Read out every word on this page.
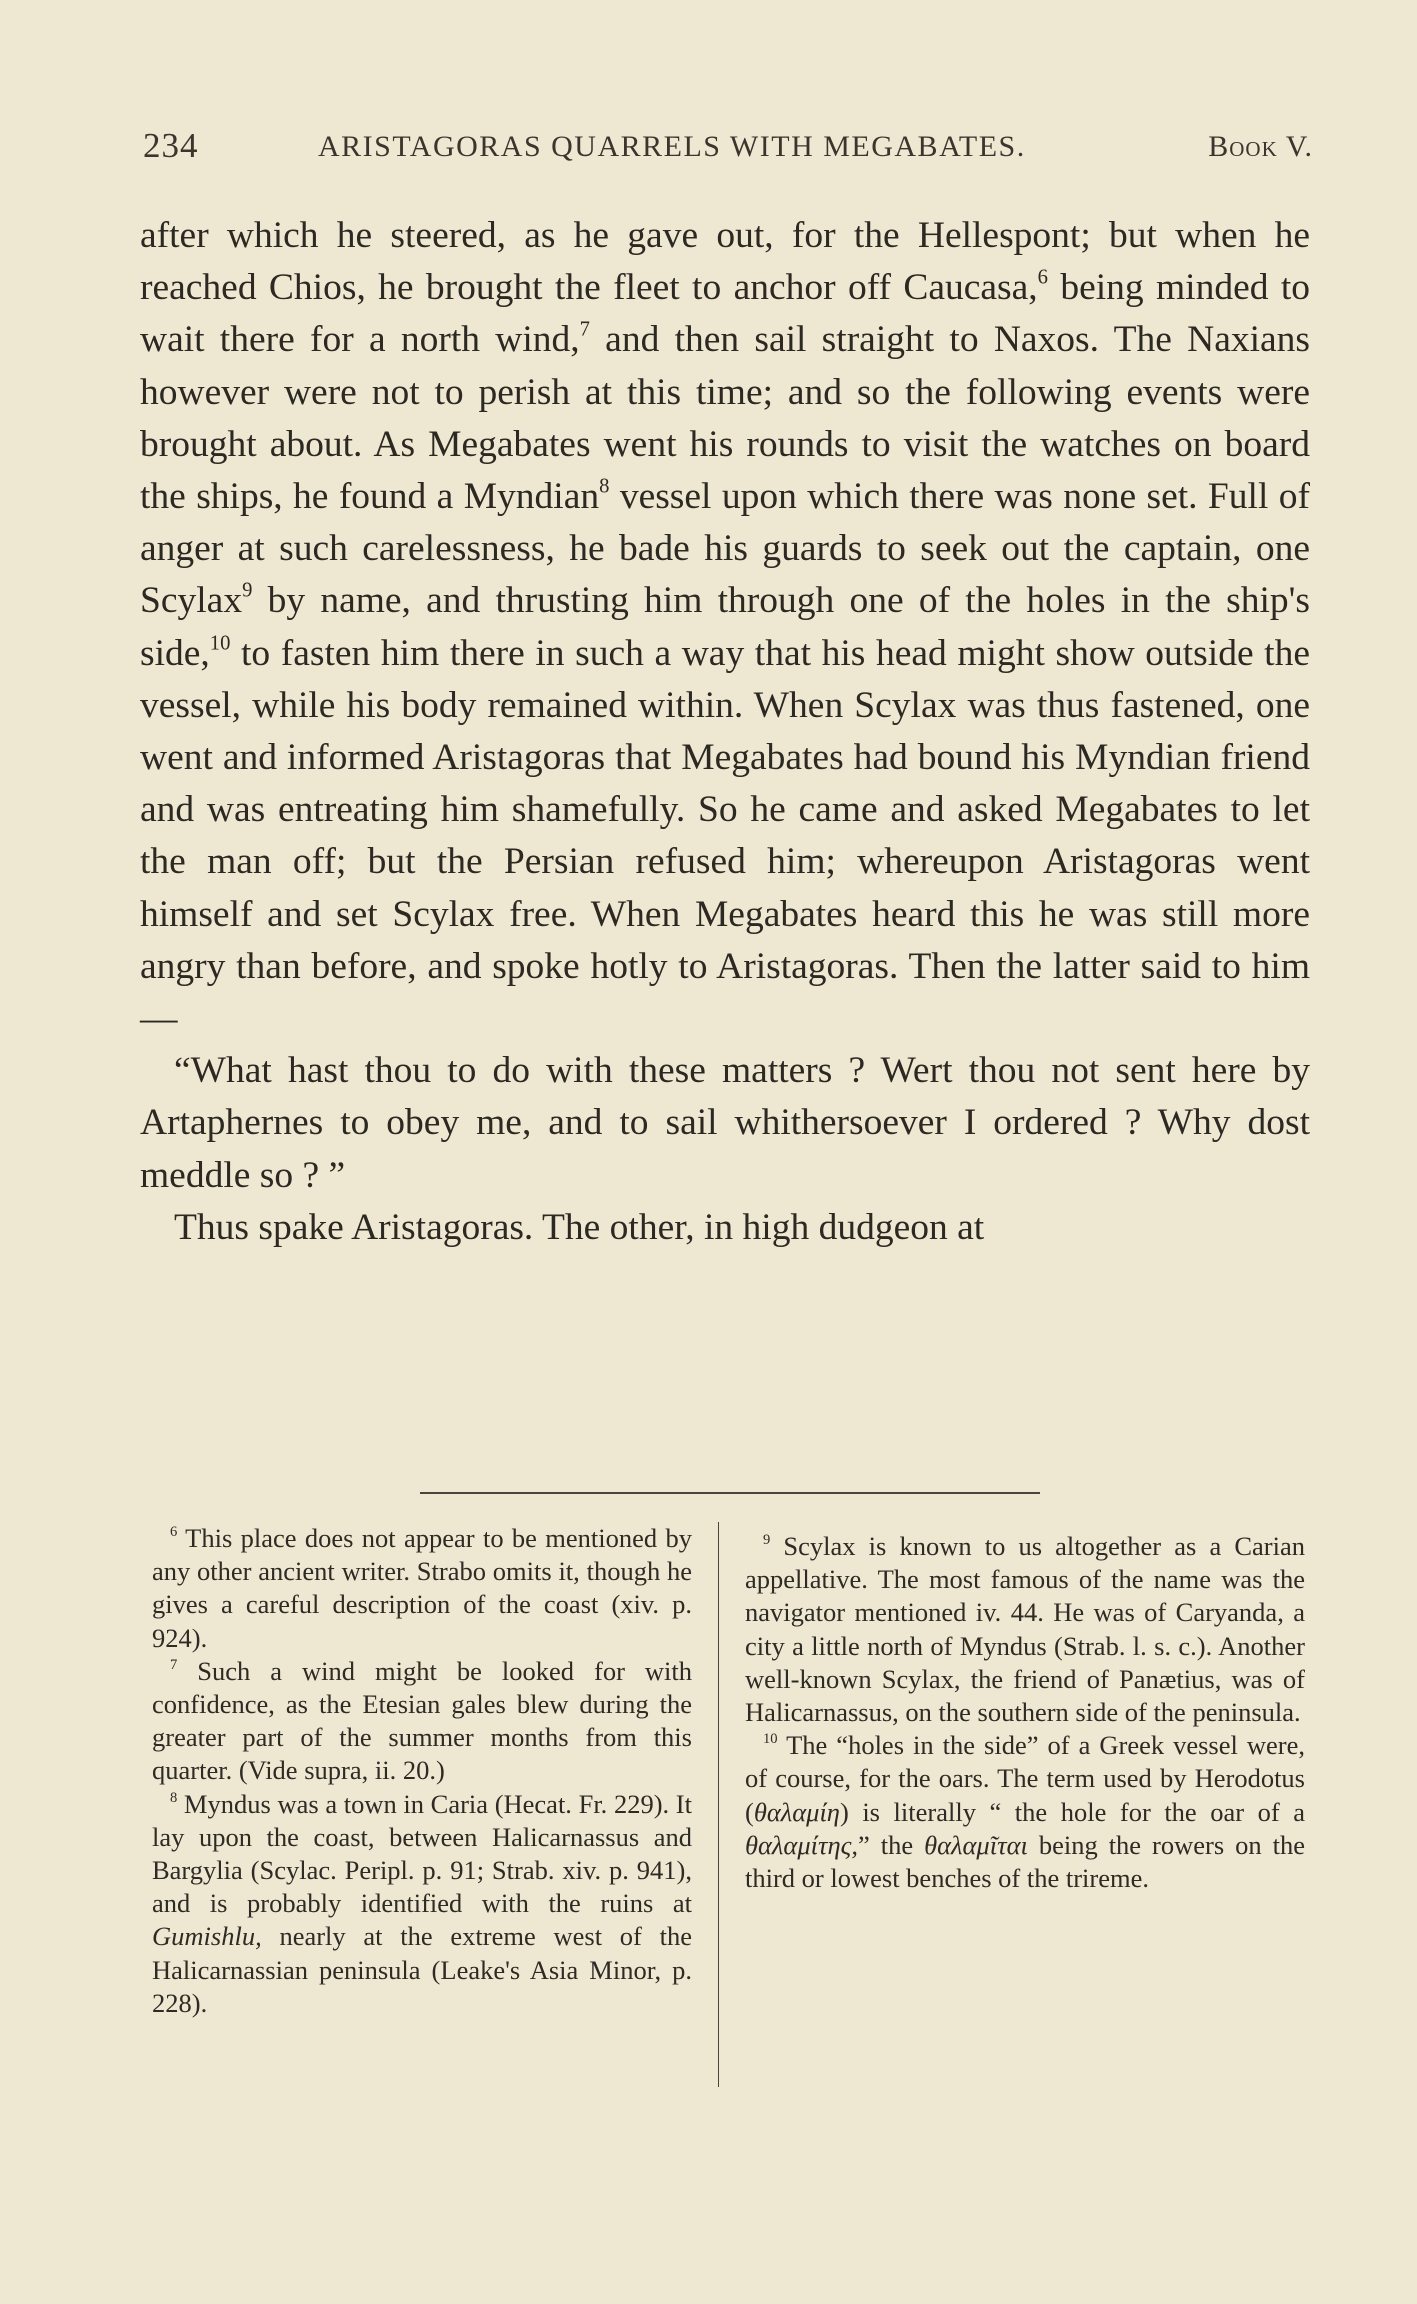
234	ARISTAGORAS QUARRELS WITH MEGABATES.	Book V.

after which he steered, as he gave out, for the Hellespont; but when he reached Chios, he brought the fleet to anchor off Caucasa,$^6$ being minded to wait there for a north wind,$^7$ and then sail straight to Naxos. The Naxians however were not to perish at this time; and so the following events were brought about. As Megabates went his rounds to visit the watches on board the ships, he found a Myndian$^8$ vessel upon which there was none set. Full of anger at such carelessness, he bade his guards to seek out the captain, one Scylax$^9$ by name, and thrusting him through one of the holes in the ship's side,$^{10}$ to fasten him there in such a way that his head might show outside the vessel, while his body remained within. When Scylax was thus fastened, one went and informed Aristagoras that Megabates had bound his Myndian friend and was entreating him shamefully. So he came and asked Megabates to let the man off; but the Persian refused him; whereupon Aristagoras went himself and set Scylax free. When Megabates heard this he was still more angry than before, and spoke hotly to Aristagoras. Then the latter said to him—

“What hast thou to do with these matters ? Wert thou not sent here by Artaphernes to obey me, and to sail whithersoever I ordered ? Why dost meddle so ? ”

Thus spake Aristagoras. The other, in high dudgeon at

$^6$ This place does not appear to be mentioned by any other ancient writer. Strabo omits it, though he gives a careful description of the coast (xiv. p. 924).

$^7$ Such a wind might be looked for with confidence, as the Etesian gales blew during the greater part of the summer months from this quarter. (Vide supra, ii. 20.)

$^8$ Myndus was a town in Caria (Hecat. Fr. 229). It lay upon the coast, between Halicarnassus and Bargylia (Scylac. Peripl. p. 91; Strab. xiv. p. 941), and is probably identified with the ruins at Gumishlu, nearly at the extreme west of the Halicarnassian peninsula (Leake's Asia Minor, p. 228).

$^9$ Scylax is known to us altogether as a Carian appellative. The most famous of the name was the navigator mentioned iv. 44. He was of Caryanda, a city a little north of Myndus (Strab. l. s. c.). Another well-known Scylax, the friend of Panætius, was of Halicarnassus, on the southern side of the peninsula.

$^{10}$ The “holes in the side” of a Greek vessel were, of course, for the oars. The term used by Herodotus (θαλαμίη) is literally “ the hole for the oar of a θαλαμίτης,” the θαλαμῖται being the rowers on the third or lowest benches of the trireme.
